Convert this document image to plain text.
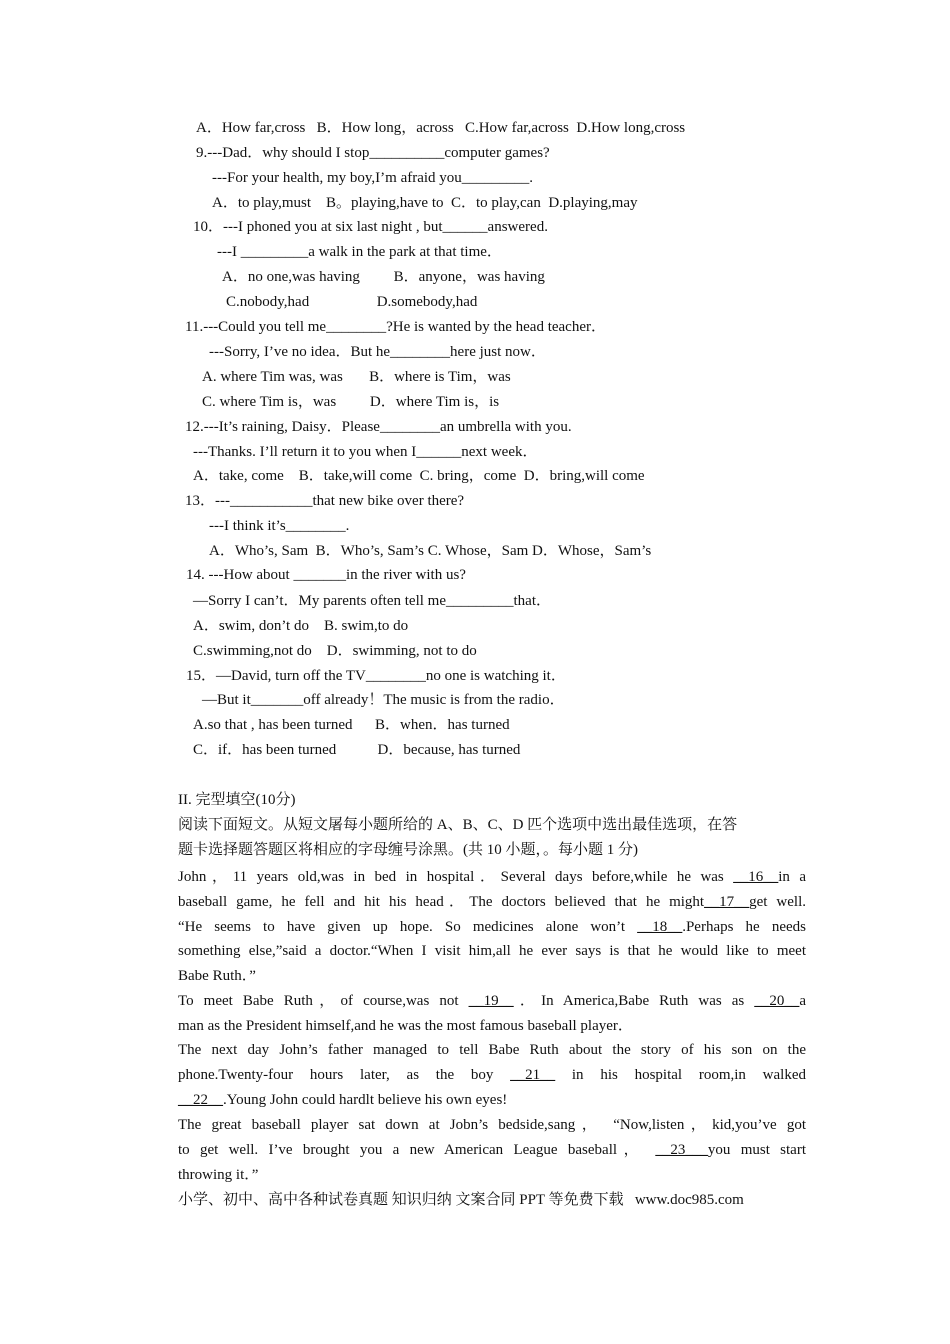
A．How far,cross   B．How long，across   C.How far,across  D.How long,cross
9.---Dad．why should I stop__________computer games?
---For your health, my boy,I’m afraid you_________.
A．to play,must    B。playing,have to  C．to play,can  D.playing,may
10．---I phoned you at six last night , but______answered.
---I _________a walk in the park at that time．
A．no one,was having         B．anyone，was having
C.nobody,had                  D.somebody,had
11.---Could you tell me________?He is wanted by the head teacher．
---Sorry, I’ve no idea．But he________here just now．
A. where Tim was, was       B．where is Tim，was
C. where Tim is，was         D．where Tim is，is
12.---It’s raining, Daisy．Please________an umbrella with you.
---Thanks. I’ll return it to you when I______next week．
A．take, come    B．take,will come  C. bring，come  D．bring,will come
13．---___________that new bike over there?
---I think it’s________.
A．Who’s, Sam  B．Who’s, Sam’s C. Whose，Sam D．Whose，Sam’s
14. ---How about _______in the river with us?
—Sorry I can’t．My parents often tell me_________that．
A．swim, don’t do    B. swim,to do
C.swimming,not do    D．swimming, not to do
15．—David, turn off the TV________no one is watching it．
—But it_______off already！The music is from the radio．
A.so that , has been turned      B．when．has turned
C．if．has been turned           D．because, has turned
II. 完型填空(10分)
阅读下面短文。从短文屠每小题所给的 A、B、C、D 匹个选项中选出最佳选项，在答
题卡选择题答题区将相应的字母缠号涂黑。(共 10 小题，。每小题 1 分)
John，11 years old,was in bed in hospital．Several days before,while he was __16__in a
baseball game, he fell and hit his head．The doctors believed that he might__17__get well.
“He seems to have given up hope. So medicines alone won’t __18__.Perhaps he needs
something else,”said a doctor.“When I visit him,all he ever says is that he would like to meet
Babe Ruth．”
To meet Babe Ruth，of course,was not __19__．In America,Babe Ruth was as __20__a
man as the President himself,and he was the most famous baseball player．
The next day John’s father managed to tell Babe Ruth about the story of his son on the
phone.Twenty-four hours later, as the boy __21__ in his hospital room,in walked
__22__.Young John could hardlt believe his own eyes!
The great baseball player sat down at Jobn’s bedside,sang， “Now,listen，kid,you’ve got
to get well. I’ve brought you a new American League baseball， __23___you must start
throwing it．”
小学、初中、高中各种试卷真题 知识归纳 文案合同 PPT 等免费下载   www.doc985.com
